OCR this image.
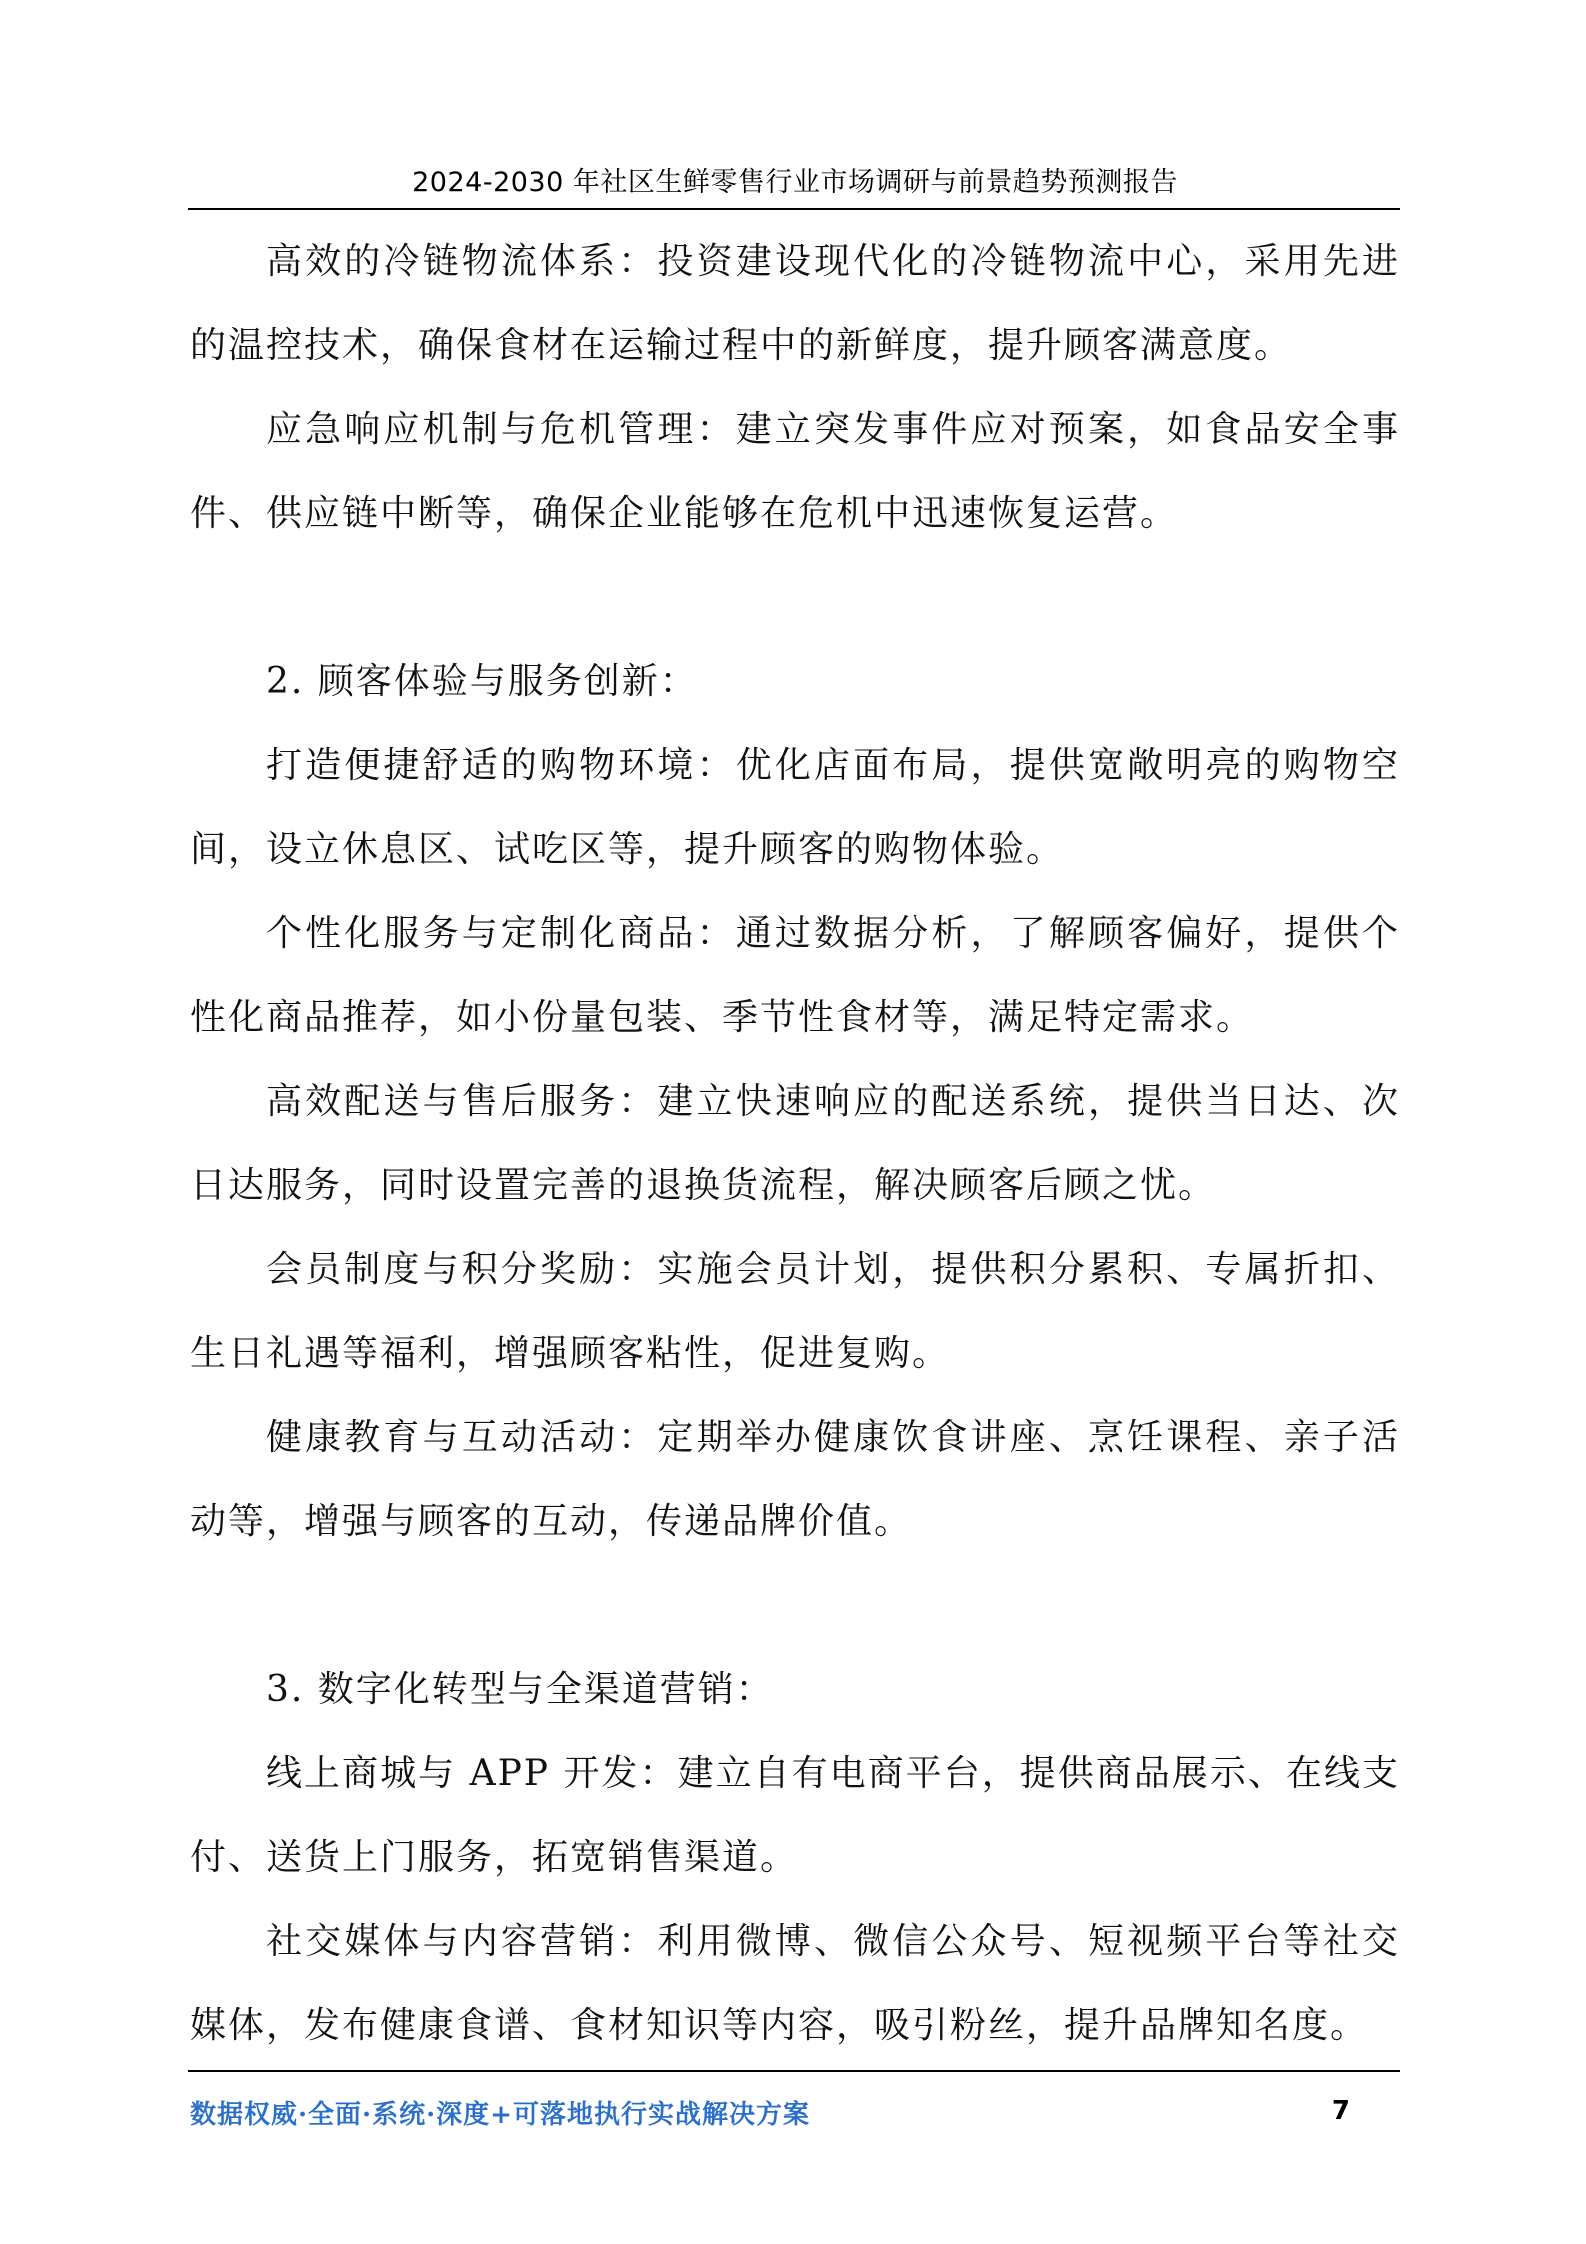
2024-2030 年社区生鲜零售行业市场调研与前景趋势预测报告

高效的冷链物流体系：投资建设现代化的冷链物流中心，采用先进的温控技术，确保食材在运输过程中的新鲜度，提升顾客满意度。

应急响应机制与危机管理：建立突发事件应对预案，如食品安全事件、供应链中断等，确保企业能够在危机中迅速恢复运营。

2. 顾客体验与服务创新：

打造便捷舒适的购物环境：优化店面布局，提供宽敞明亮的购物空间，设立休息区、试吃区等，提升顾客的购物体验。

个性化服务与定制化商品：通过数据分析，了解顾客偏好，提供个性化商品推荐，如小份量包装、季节性食材等，满足特定需求。

高效配送与售后服务：建立快速响应的配送系统，提供当日达、次日达服务，同时设置完善的退换货流程，解决顾客后顾之忧。

会员制度与积分奖励：实施会员计划，提供积分累积、专属折扣、生日礼遇等福利，增强顾客粘性，促进复购。

健康教育与互动活动：定期举办健康饮食讲座、烹饪课程、亲子活动等，增强与顾客的互动，传递品牌价值。

3. 数字化转型与全渠道营销：

线上商城与 APP 开发：建立自有电商平台，提供商品展示、在线支付、送货上门服务，拓宽销售渠道。

社交媒体与内容营销：利用微博、微信公众号、短视频平台等社交媒体，发布健康食谱、食材知识等内容，吸引粉丝，提升品牌知名度。

数据权威·全面·系统·深度+可落地执行实战解决方案	7
